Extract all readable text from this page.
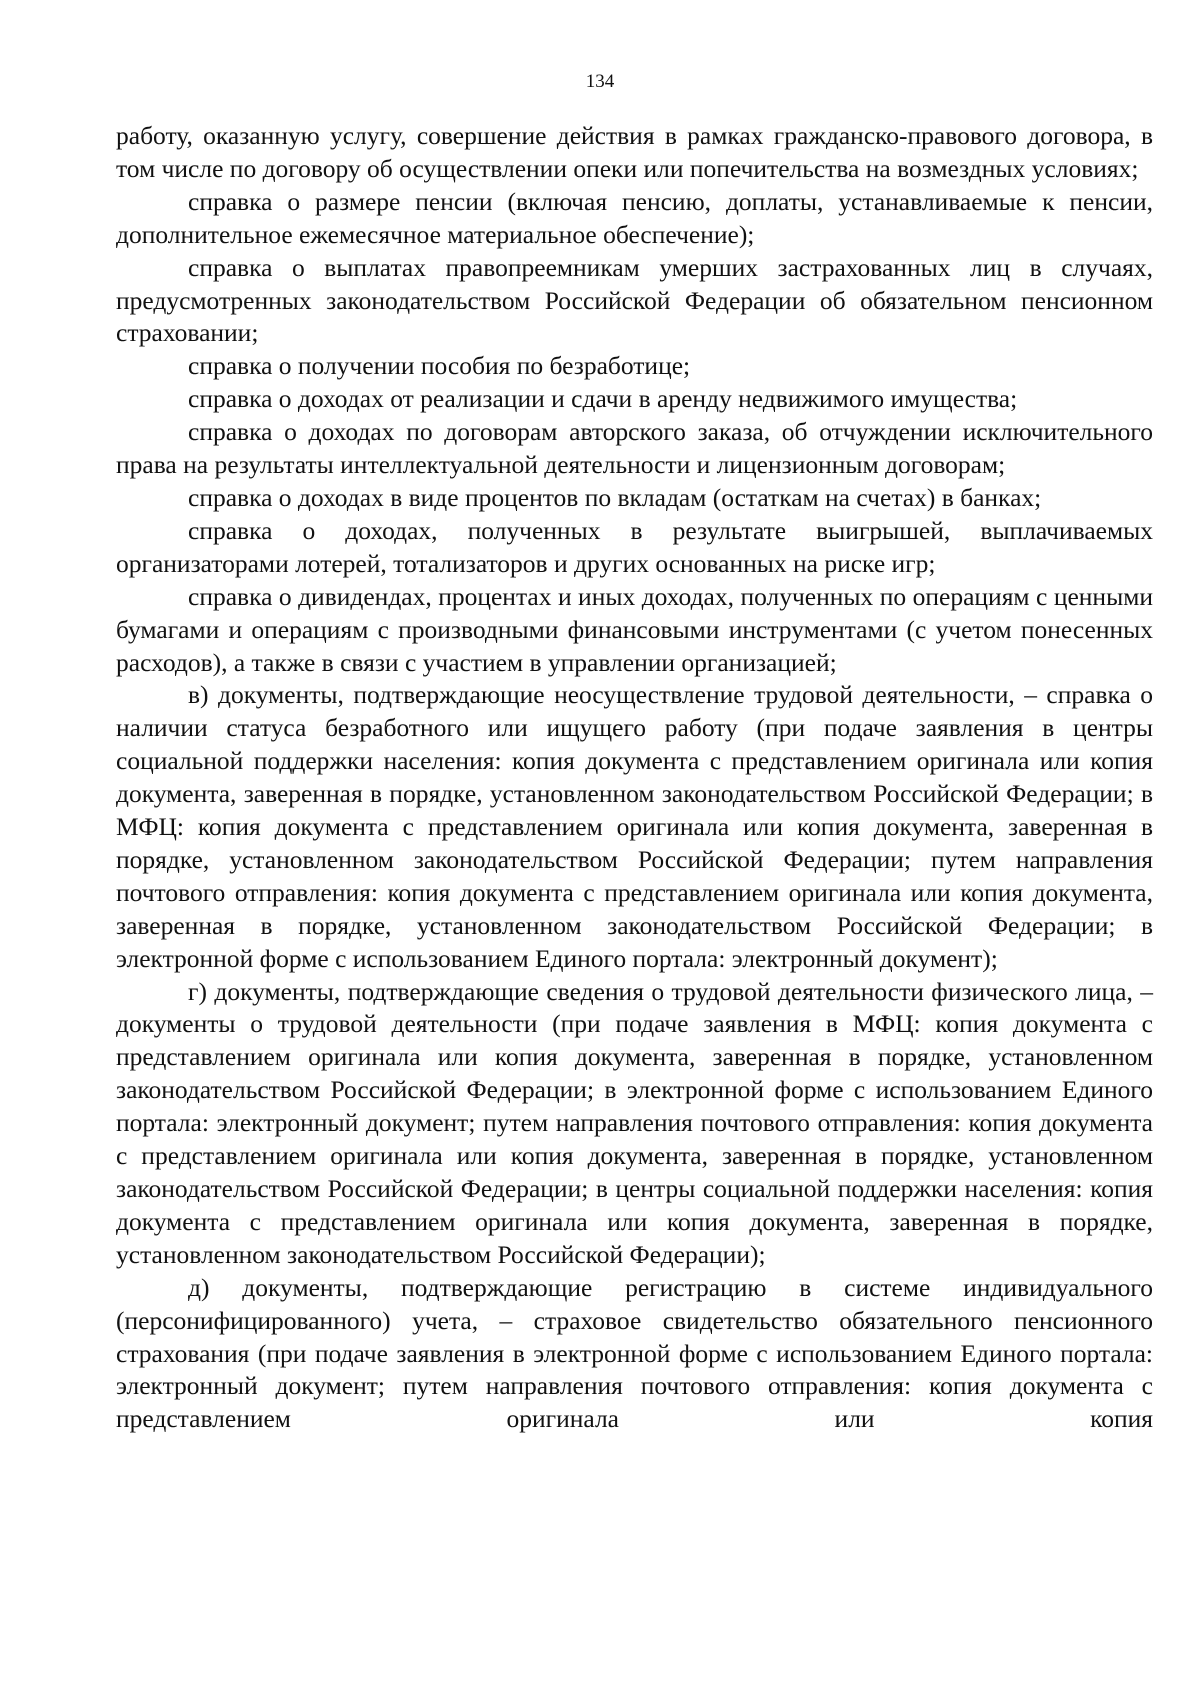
134

работу, оказанную услугу, совершение действия в рамках гражданско-правового договора, в том числе по договору об осуществлении опеки или попечительства на возмездных условиях;

справка о размере пенсии (включая пенсию, доплаты, устанавливаемые к пенсии, дополнительное ежемесячное материальное обеспечение);

справка о выплатах правопреемникам умерших застрахованных лиц в случаях, предусмотренных законодательством Российской Федерации об обязательном пенсионном страховании;

справка о получении пособия по безработице;

справка о доходах от реализации и сдачи в аренду недвижимого имущества;

справка о доходах по договорам авторского заказа, об отчуждении исключительного права на результаты интеллектуальной деятельности и лицензионным договорам;

справка о доходах в виде процентов по вкладам (остаткам на счетах) в банках;

справка о доходах, полученных в результате выигрышей, выплачиваемых организаторами лотерей, тотализаторов и других основанных на риске игр;

справка о дивидендах, процентах и иных доходах, полученных по операциям с ценными бумагами и операциям с производными финансовыми инструментами (с учетом понесенных расходов), а также в связи с участием в управлении организацией;

в) документы, подтверждающие неосуществление трудовой деятельности, – справка о наличии статуса безработного или ищущего работу (при подаче заявления в центры социальной поддержки населения: копия документа с представлением оригинала или копия документа, заверенная в порядке, установленном законодательством Российской Федерации; в МФЦ: копия документа с представлением оригинала или копия документа, заверенная в порядке, установленном законодательством Российской Федерации; путем направления почтового отправления: копия документа с представлением оригинала или копия документа, заверенная в порядке, установленном законодательством Российской Федерации; в электронной форме с использованием Единого портала: электронный документ);

г) документы, подтверждающие сведения о трудовой деятельности физического лица, – документы о трудовой деятельности (при подаче заявления в МФЦ: копия документа с представлением оригинала или копия документа, заверенная в порядке, установленном законодательством Российской Федерации; в электронной форме с использованием Единого портала: электронный документ; путем направления почтового отправления: копия документа с представлением оригинала или копия документа, заверенная в порядке, установленном законодательством Российской Федерации; в центры социальной поддержки населения: копия документа с представлением оригинала или копия документа, заверенная в порядке, установленном законодательством Российской Федерации);

д) документы, подтверждающие регистрацию в системе индивидуального (персонифицированного) учета, – страховое свидетельство обязательного пенсионного страхования (при подаче заявления в электронной форме с использованием Единого портала: электронный документ; путем направления почтового отправления: копия документа с представлением оригинала или копия
